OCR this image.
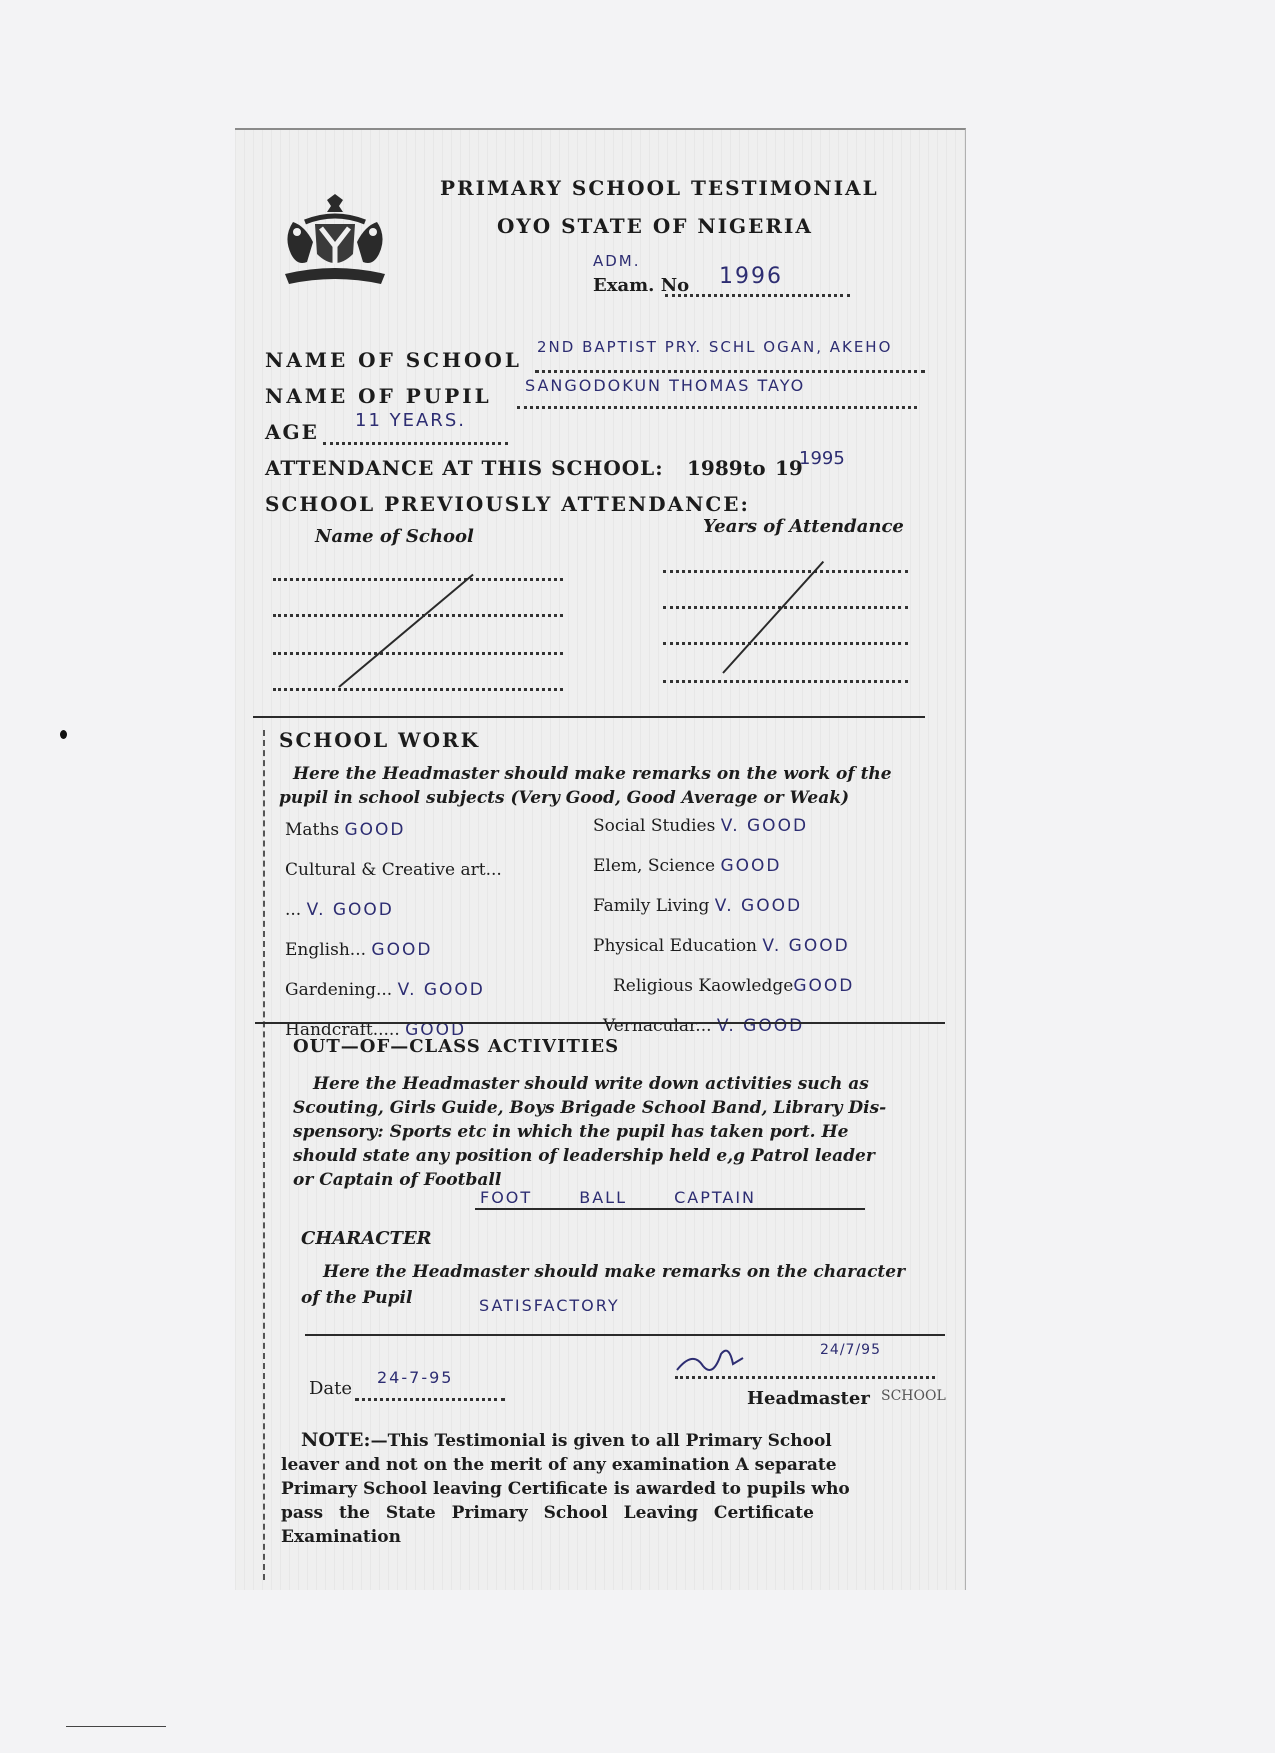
PRIMARY SCHOOL TESTIMONIAL
OYO STATE OF NIGERIA
ADM.
Exam. No 1996
NAME OF SCHOOL
2ND BAPTIST PRY. SCHL OGAN, AKEHO
NAME OF PUPIL SANGODOKUN THOMAS TAYO
AGE 11 YEARS.
ATTENDANCE AT THIS SCHOOL: 1989 to 19
1995
SCHOOL PREVIOUSLY ATTENDANCE:
Name of School	Years of Attendance
SCHOOL WORK
Here the Headmaster should make remarks on the work of the pupil in school subjects (Very Good, Good Average or Weak)
Maths GOOD
Cultural & Creative art...
... V. GOOD
English... GOOD
Gardening... V. GOOD
Handcraft..... GOOD
Social Studies V. GOOD
Elem, Science GOOD
Family Living V. GOOD
Physical Education V. GOOD
Religious KaowledgeGOOD
Vernacular... V. GOOD
OUT—OF—CLASS ACTIVITIES
Here the Headmaster should write down activities such as
Scouting, Girls Guide, Boys Brigade School Band, Library Dis-
spensory: Sports etc in which the pupil has taken port. He
should state any position of leadership held e,g Patrol leader
or Captain of Football
FOOT BALL CAPTAIN
CHARACTER
Here the Headmaster should make remarks on the character
of the Pupil	SATISFACTORY
Date
24-7-95
24/7/95
Headmaster SCHOOL
NOTE:—This Testimonial is given to all Primary School
leaver and not on the merit of any examination A separate
Primary School leaving Certificate is awarded to pupils who
pass the State Primary School Leaving Certificate
Examination
